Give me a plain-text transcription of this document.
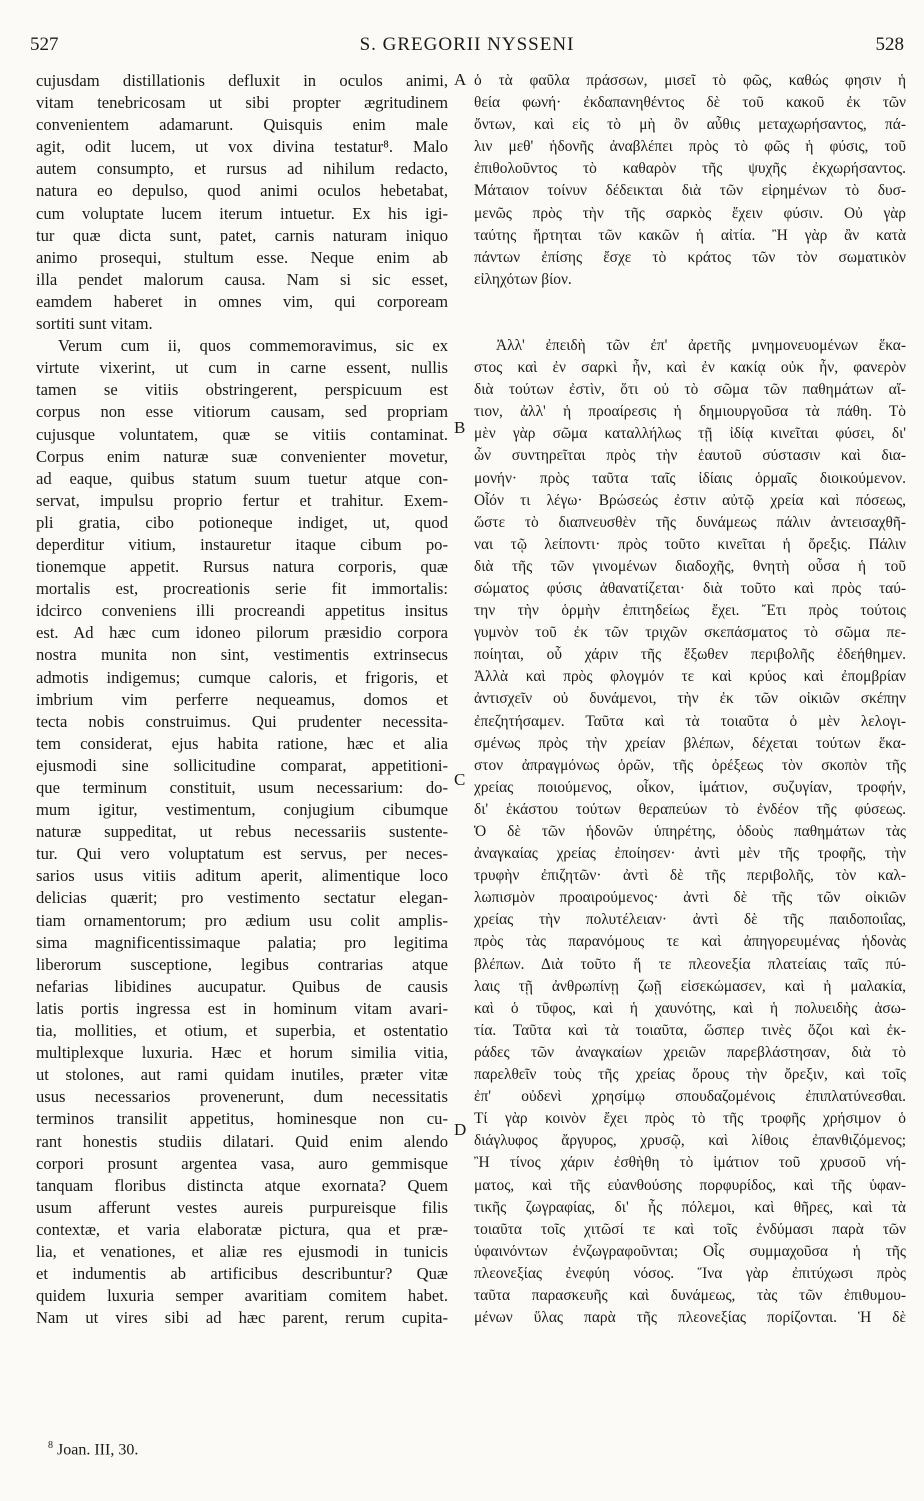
527	S. GREGORII NYSSENI	528
cujusdam distillationis defluxit in oculos animi,
vitam tenebricosam ut sibi propter ægritudinem
convenientem adamarunt. Quisquis enim male
agit, odit lucem, ut vox divina testatur⁸. Malo
autem consumpto, et rursus ad nihilum redacto,
natura eo depulso, quod animi oculos hebetabat,
cum voluptate lucem iterum intuetur. Ex his igi-
tur quæ dicta sunt, patet, carnis naturam iniquo
animo prosequi, stultum esse. Neque enim ab
illa pendet malorum causa. Nam si sic esset,
eamdem haberet in omnes vim, qui corpoream
sortiti sunt vitam.
Verum cum ii, quos commemoravimus, sic ex
virtute vixerint, ut cum in carne essent, nullis
tamen se vitiis obstringerent, perspicuum est
corpus non esse vitiorum causam, sed propriam
cujusque voluntatem, quæ se vitiis contaminat.
Corpus enim naturæ suæ convenienter movetur,
ad eaque, quibus statum suum tuetur atque con-
servat, impulsu proprio fertur et trahitur. Exem-
pli gratia, cibo potioneque indiget, ut, quod
deperditur vitium, instauretur itaque cibum po-
tionemque appetit. Rursus natura corporis, quæ
mortalis est, procreationis serie fit immortalis:
idcirco conveniens illi procreandi appetitus insitus
est. Ad hæc cum idoneo pilorum præsidio corpora
nostra munita non sint, vestimentis extrinsecus
admotis indigemus; cumque caloris, et frigoris, et
imbrium vim perferre nequeamus, domos et
tecta nobis construimus. Qui prudenter necessita-
tem considerat, ejus habita ratione, hæc et alia
ejusmodi sine sollicitudine comparat, appetitioni-
que terminum constituit, usum necessarium: do-
mum igitur, vestimentum, conjugium cibumque
naturæ suppeditat, ut rebus necessariis sustente-
tur. Qui vero voluptatum est servus, per neces-
sarios usus vitiis aditum aperit, alimentique loco
delicias quærit; pro vestimento sectatur elegan-
tiam ornamentorum; pro ædium usu colit amplis-
sima magnificentissimaque palatia; pro legitima
liberorum susceptione, legibus contrarias atque
nefarias libidines aucupatur. Quibus de causis
latis portis ingressa est in hominum vitam avari-
tia, mollities, et otium, et superbia, et ostentatio
multiplexque luxuria. Hæc et horum similia vitia,
ut stolones, aut rami quidam inutiles, præter vitæ
usus necessarios provenerunt, dum necessitatis
terminos transilit appetitus, hominesque non cu-
rant honestis studiis dilatari. Quid enim alendo
corpori prosunt argentea vasa, auro gemmisque
tanquam floribus distincta atque exornata? Quem
usum afferunt vestes aureis purpureisque filis
contextæ, et varia elaboratæ pictura, qua et præ-
lia, et venationes, et aliæ res ejusmodi in tunicis
et indumentis ab artificibus describuntur? Quæ
quidem luxuria semper avaritiam comitem habet.
Nam ut vires sibi ad hæc parent, rerum cupita-
ὁ τὰ φαῦλα πράσσων, μισεῖ τὸ φῶς, καθώς φησιν ἡ
θεία φωνή· ἐκδαπανηθέντος δὲ τοῦ κακοῦ ἐκ τῶν
ὄντων, καὶ εἰς τὸ μὴ ὂν αὖθις μεταχωρήσαντος, πά-
λιν μεθ' ἡδονῆς ἀναβλέπει πρὸς τὸ φῶς ἡ φύσις, τοῦ
ἐπιθολοῦντος τὸ καθαρὸν τῆς ψυχῆς ἐκχωρήσαντος.
Μάταιον τοίνυν δέδεικται διὰ τῶν εἰρημένων τὸ δυσ-
μενῶς πρὸς τὴν τῆς σαρκὸς ἔχειν φύσιν. Οὐ γὰρ
ταύτης ἤρτηται τῶν κακῶν ἡ αἰτία. Ἢ γὰρ ἂν κατὰ
πάντων ἐπίσης ἔσχε τὸ κράτος τῶν τὸν σωματικὸν
εἰληχότων βίον.
Ἀλλ' ἐπειδὴ τῶν ἐπ' ἀρετῆς μνημονευομένων ἕκα-
στος καὶ ἐν σαρκὶ ἦν, καὶ ἐν κακίᾳ οὐκ ἦν, φανερὸν
διὰ τούτων ἐστὶν, ὅτι οὐ τὸ σῶμα τῶν παθημάτων αἴ-
τιον, ἀλλ' ἡ προαίρεσις ἡ δημιουργοῦσα τὰ πάθη. Τὸ
μὲν γὰρ σῶμα καταλλήλως τῇ ἰδίᾳ κινεῖται φύσει, δι'
ὧν συντηρεῖται πρὸς τὴν ἑαυτοῦ σύστασιν καὶ δια-
μονήν· πρὸς ταῦτα ταῖς ἰδίαις ὁρμαῖς διοικούμενον.
Οἷόν τι λέγω· Βρώσεώς ἐστιν αὐτῷ χρεία καὶ πόσεως,
ὥστε τὸ διαπνευσθὲν τῆς δυνάμεως πάλιν ἀντεισαχθῆ-
ναι τῷ λείποντι· πρὸς τοῦτο κινεῖται ἡ ὄρεξις. Πάλιν
διὰ τῆς τῶν γινομένων διαδοχῆς, θνητὴ οὖσα ἡ τοῦ
σώματος φύσις ἀθανατίζεται· διὰ τοῦτο καὶ πρὸς ταύ-
την τὴν ὁρμὴν ἐπιτηδείως ἔχει. Ἔτι πρὸς τούτοις
γυμνὸν τοῦ ἐκ τῶν τριχῶν σκεπάσματος τὸ σῶμα πε-
ποίηται, οὗ χάριν τῆς ἔξωθεν περιβολῆς ἐδεήθημεν.
Ἀλλὰ καὶ πρὸς φλογμόν τε καὶ κρύος καὶ ἐπομβρίαν
ἀντισχεῖν οὐ δυνάμενοι, τὴν ἐκ τῶν οἰκιῶν σκέπην
ἐπεζητήσαμεν. Ταῦτα καὶ τὰ τοιαῦτα ὁ μὲν λελογι-
σμένως πρὸς τὴν χρείαν βλέπων, δέχεται τούτων ἕκα-
στον ἀπραγμόνως ὁρῶν, τῆς ὀρέξεως τὸν σκοπὸν τῆς
χρείας ποιούμενος, οἶκον, ἱμάτιον, συζυγίαν, τροφήν,
δι' ἑκάστου τούτων θεραπεύων τὸ ἐνδέον τῆς φύσεως.
Ὁ δὲ τῶν ἡδονῶν ὑπηρέτης, ὁδοὺς παθημάτων τὰς
ἀναγκαίας χρείας ἐποίησεν· ἀντὶ μὲν τῆς τροφῆς, τὴν
τρυφὴν ἐπιζητῶν· ἀντὶ δὲ τῆς περιβολῆς, τὸν καλ-
λωπισμὸν προαιρούμενος· ἀντὶ δὲ τῆς τῶν οἰκιῶν
χρείας τὴν πολυτέλειαν· ἀντὶ δὲ τῆς παιδοποιΐας,
πρὸς τὰς παρανόμους τε καὶ ἀπηγορευμένας ἡδονὰς
βλέπων. Διὰ τοῦτο ἥ τε πλεονεξία πλατείαις ταῖς πύ-
λαις τῇ ἀνθρωπίνῃ ζωῇ εἰσεκώμασεν, καὶ ἡ μαλακία,
καὶ ὁ τῦφος, καὶ ἡ χαυνότης, καὶ ἡ πολυειδὴς ἀσω-
τία. Ταῦτα καὶ τὰ τοιαῦτα, ὥσπερ τινὲς ὄζοι καὶ ἐκ-
ράδες τῶν ἀναγκαίων χρειῶν παρεβλάστησαν, διὰ τὸ
παρελθεῖν τοὺς τῆς χρείας ὅρους τὴν ὄρεξιν, καὶ τοῖς
ἐπ' οὐδενὶ χρησίμῳ σπουδαζομένοις ἐπιπλατύνεσθαι.
Τί γὰρ κοινὸν ἔχει πρὸς τὸ τῆς τροφῆς χρήσιμον ὁ
διάγλυφος ἄργυρος, χρυσῷ, καὶ λίθοις ἐπανθιζόμενος;
Ἢ τίνος χάριν ἐσθὴθη τὸ ἱμάτιον τοῦ χρυσοῦ νή-
ματος, καὶ τῆς εὐανθούσης πορφυρίδος, καὶ τῆς ὑφαν-
τικῆς ζωγραφίας, δι' ἧς πόλεμοι, καὶ θῆρες, καὶ τὰ
τοιαῦτα τοῖς χιτῶσί τε καὶ τοῖς ἐνδύμασι παρὰ τῶν
ὑφαινόντων ἐνζωγραφοῦνται; Οἷς συμμαχοῦσα ἡ τῆς
πλεονεξίας ἐνεφύη νόσος. Ἵνα γὰρ ἐπιτύχωσι πρὸς
ταῦτα παρασκευῆς καὶ δυνάμεως, τὰς τῶν ἐπιθυμου-
μένων ὕλας παρὰ τῆς πλεονεξίας πορίζονται. Ἡ δὲ
A
B
C
D
$^8$ Joan. III, 30.
